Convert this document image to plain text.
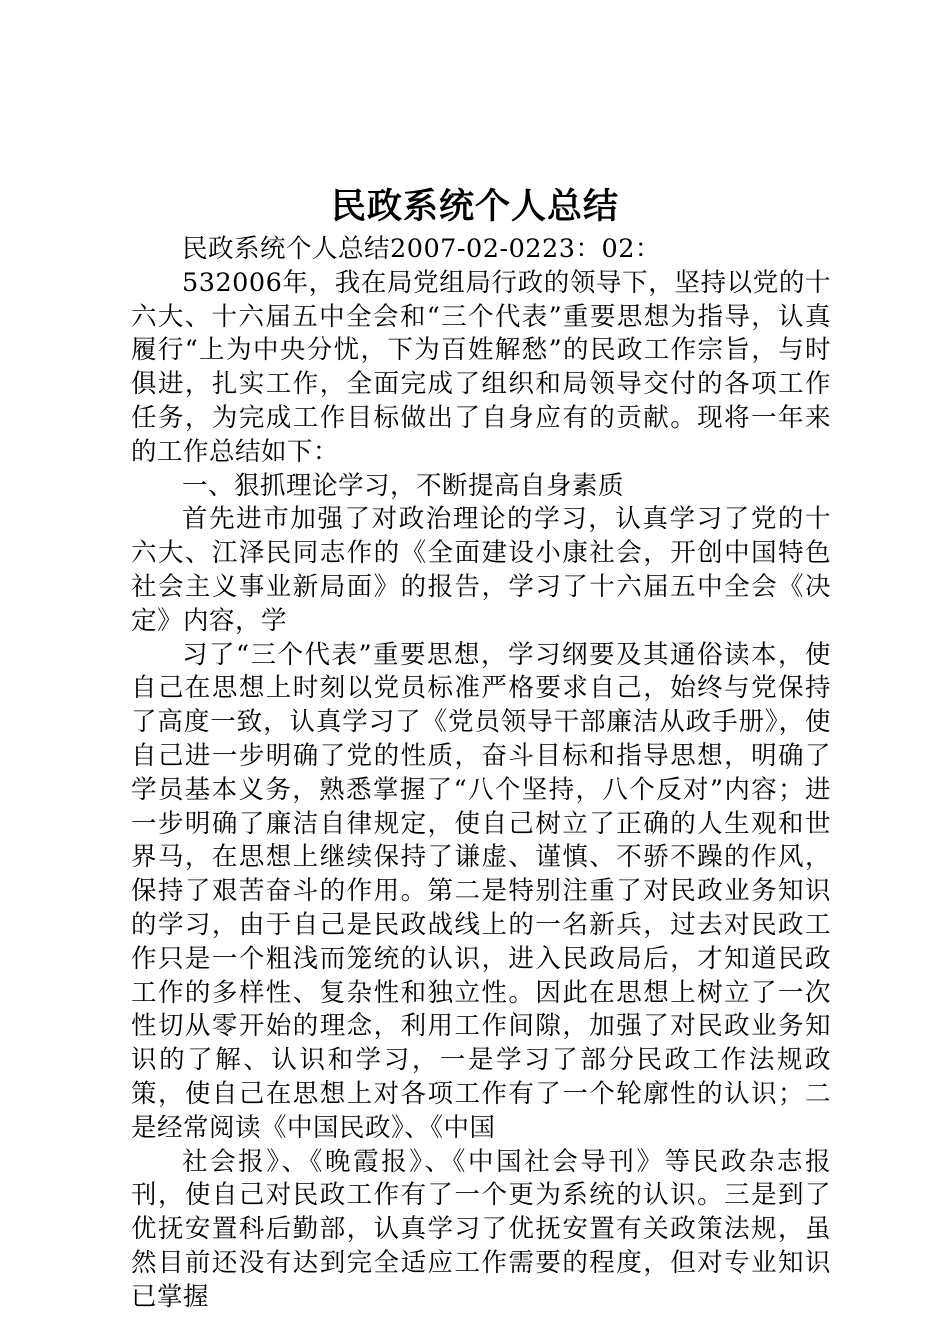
民政系统个人总结

民政系统个人总结2007-02-0223：02：

532006年，我在局党组局行政的领导下，坚持以党的十六大、十六届五中全会和“三个代表”重要思想为指导，认真履行“上为中央分忧，下为百姓解愁”的民政工作宗旨，与时俱进，扎实工作，全面完成了组织和局领导交付的各项工作任务，为完成工作目标做出了自身应有的贡献。现将一年来的工作总结如下：

一、狠抓理论学习，不断提高自身素质

首先进市加强了对政治理论的学习，认真学习了党的十六大、江泽民同志作的《全面建设小康社会，开创中国特色社会主义事业新局面》的报告，学习了十六届五中全会《决定》内容，学

习了“三个代表”重要思想，学习纲要及其通俗读本，使自己在思想上时刻以党员标准严格要求自己，始终与党保持了高度一致，认真学习了《党员领导干部廉洁从政手册》，使自己进一步明确了党的性质，奋斗目标和指导思想，明确了学员基本义务，熟悉掌握了“八个坚持，八个反对”内容；进一步明确了廉洁自律规定，使自己树立了正确的人生观和世界马，在思想上继续保持了谦虚、谨慎、不骄不躁的作风，保持了艰苦奋斗的作用。第二是特别注重了对民政业务知识的学习，由于自己是民政战线上的一名新兵，过去对民政工作只是一个粗浅而笼统的认识，进入民政局后，才知道民政工作的多样性、复杂性和独立性。因此在思想上树立了一次性切从零开始的理念，利用工作间隙，加强了对民政业务知识的了解、认识和学习，一是学习了部分民政工作法规政策，使自己在思想上对各项工作有了一个轮廓性的认识；二是经常阅读《中国民政》、《中国

社会报》、《晚霞报》、《中国社会导刊》等民政杂志报刊，使自己对民政工作有了一个更为系统的认识。三是到了优抚安置科后勤部，认真学习了优抚安置有关政策法规，虽然目前还没有达到完全适应工作需要的程度，但对专业知识已掌握
